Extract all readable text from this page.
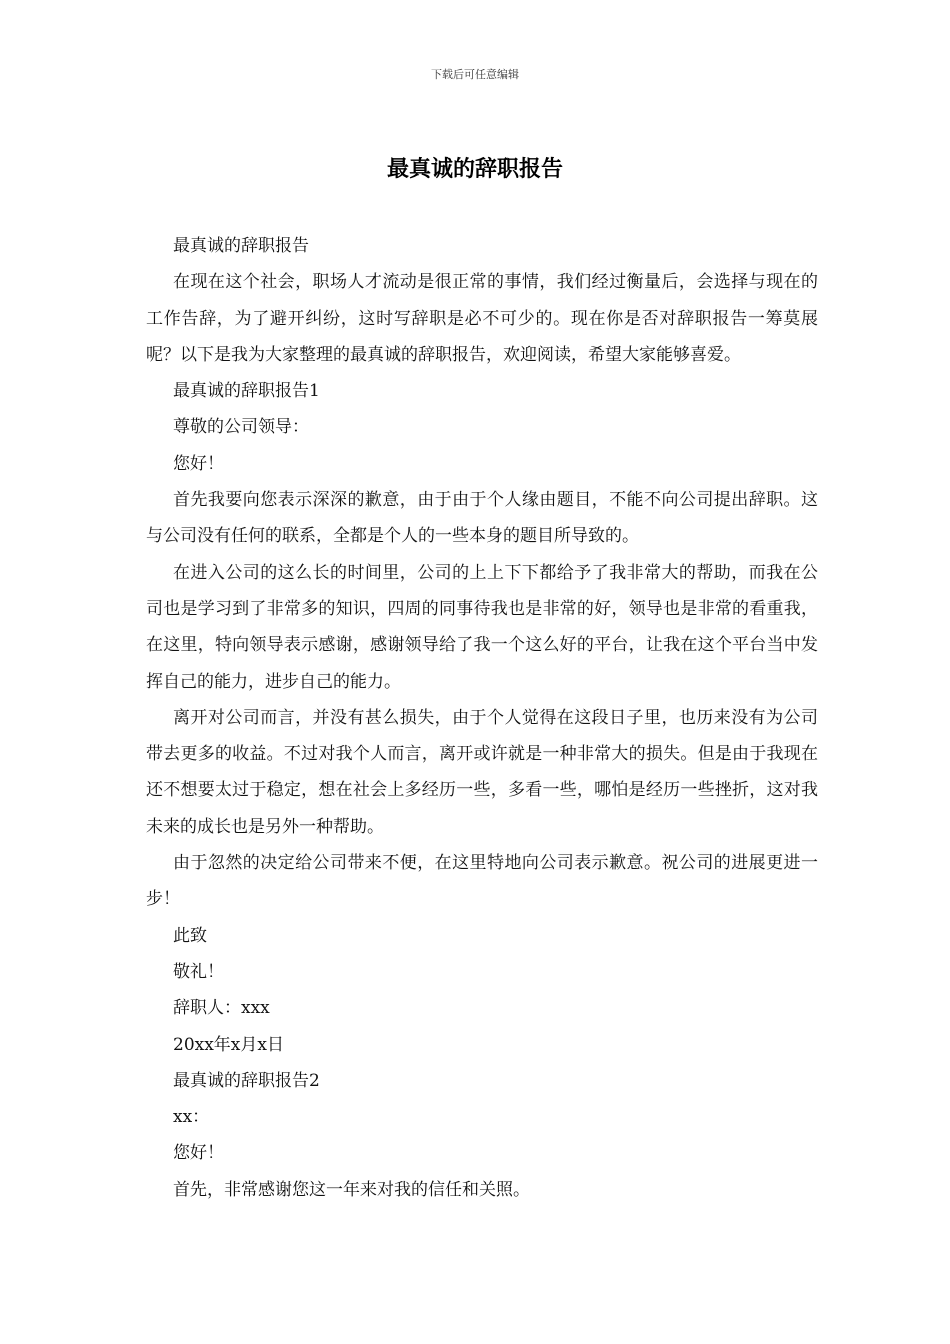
下载后可任意编辑
最真诚的辞职报告

最真诚的辞职报告

在现在这个社会，职场人才流动是很正常的事情，我们经过衡量后，会选择与现在的工作告辞，为了避开纠纷，这时写辞职是必不可少的。现在你是否对辞职报告一筹莫展呢？以下是我为大家整理的最真诚的辞职报告，欢迎阅读，希望大家能够喜爱。

最真诚的辞职报告1

尊敬的公司领导：

您好！

首先我要向您表示深深的歉意，由于由于个人缘由题目，不能不向公司提出辞职。这与公司没有任何的联系，全都是个人的一些本身的题目所导致的。

在进入公司的这么长的时间里，公司的上上下下都给予了我非常大的帮助，而我在公司也是学习到了非常多的知识，四周的同事待我也是非常的好，领导也是非常的看重我，在这里，特向领导表示感谢，感谢领导给了我一个这么好的平台，让我在这个平台当中发挥自己的能力，进步自己的能力。

离开对公司而言，并没有甚么损失，由于个人觉得在这段日子里，也历来没有为公司带去更多的收益。不过对我个人而言，离开或许就是一种非常大的损失。但是由于我现在还不想要太过于稳定，想在社会上多经历一些，多看一些，哪怕是经历一些挫折，这对我未来的成长也是另外一种帮助。

由于忽然的决定给公司带来不便，在这里特地向公司表示歉意。祝公司的进展更进一步！

此致

敬礼！

辞职人：xxx

20xx年x月x日

最真诚的辞职报告2

xx：

您好！

首先，非常感谢您这一年来对我的信任和关照。
